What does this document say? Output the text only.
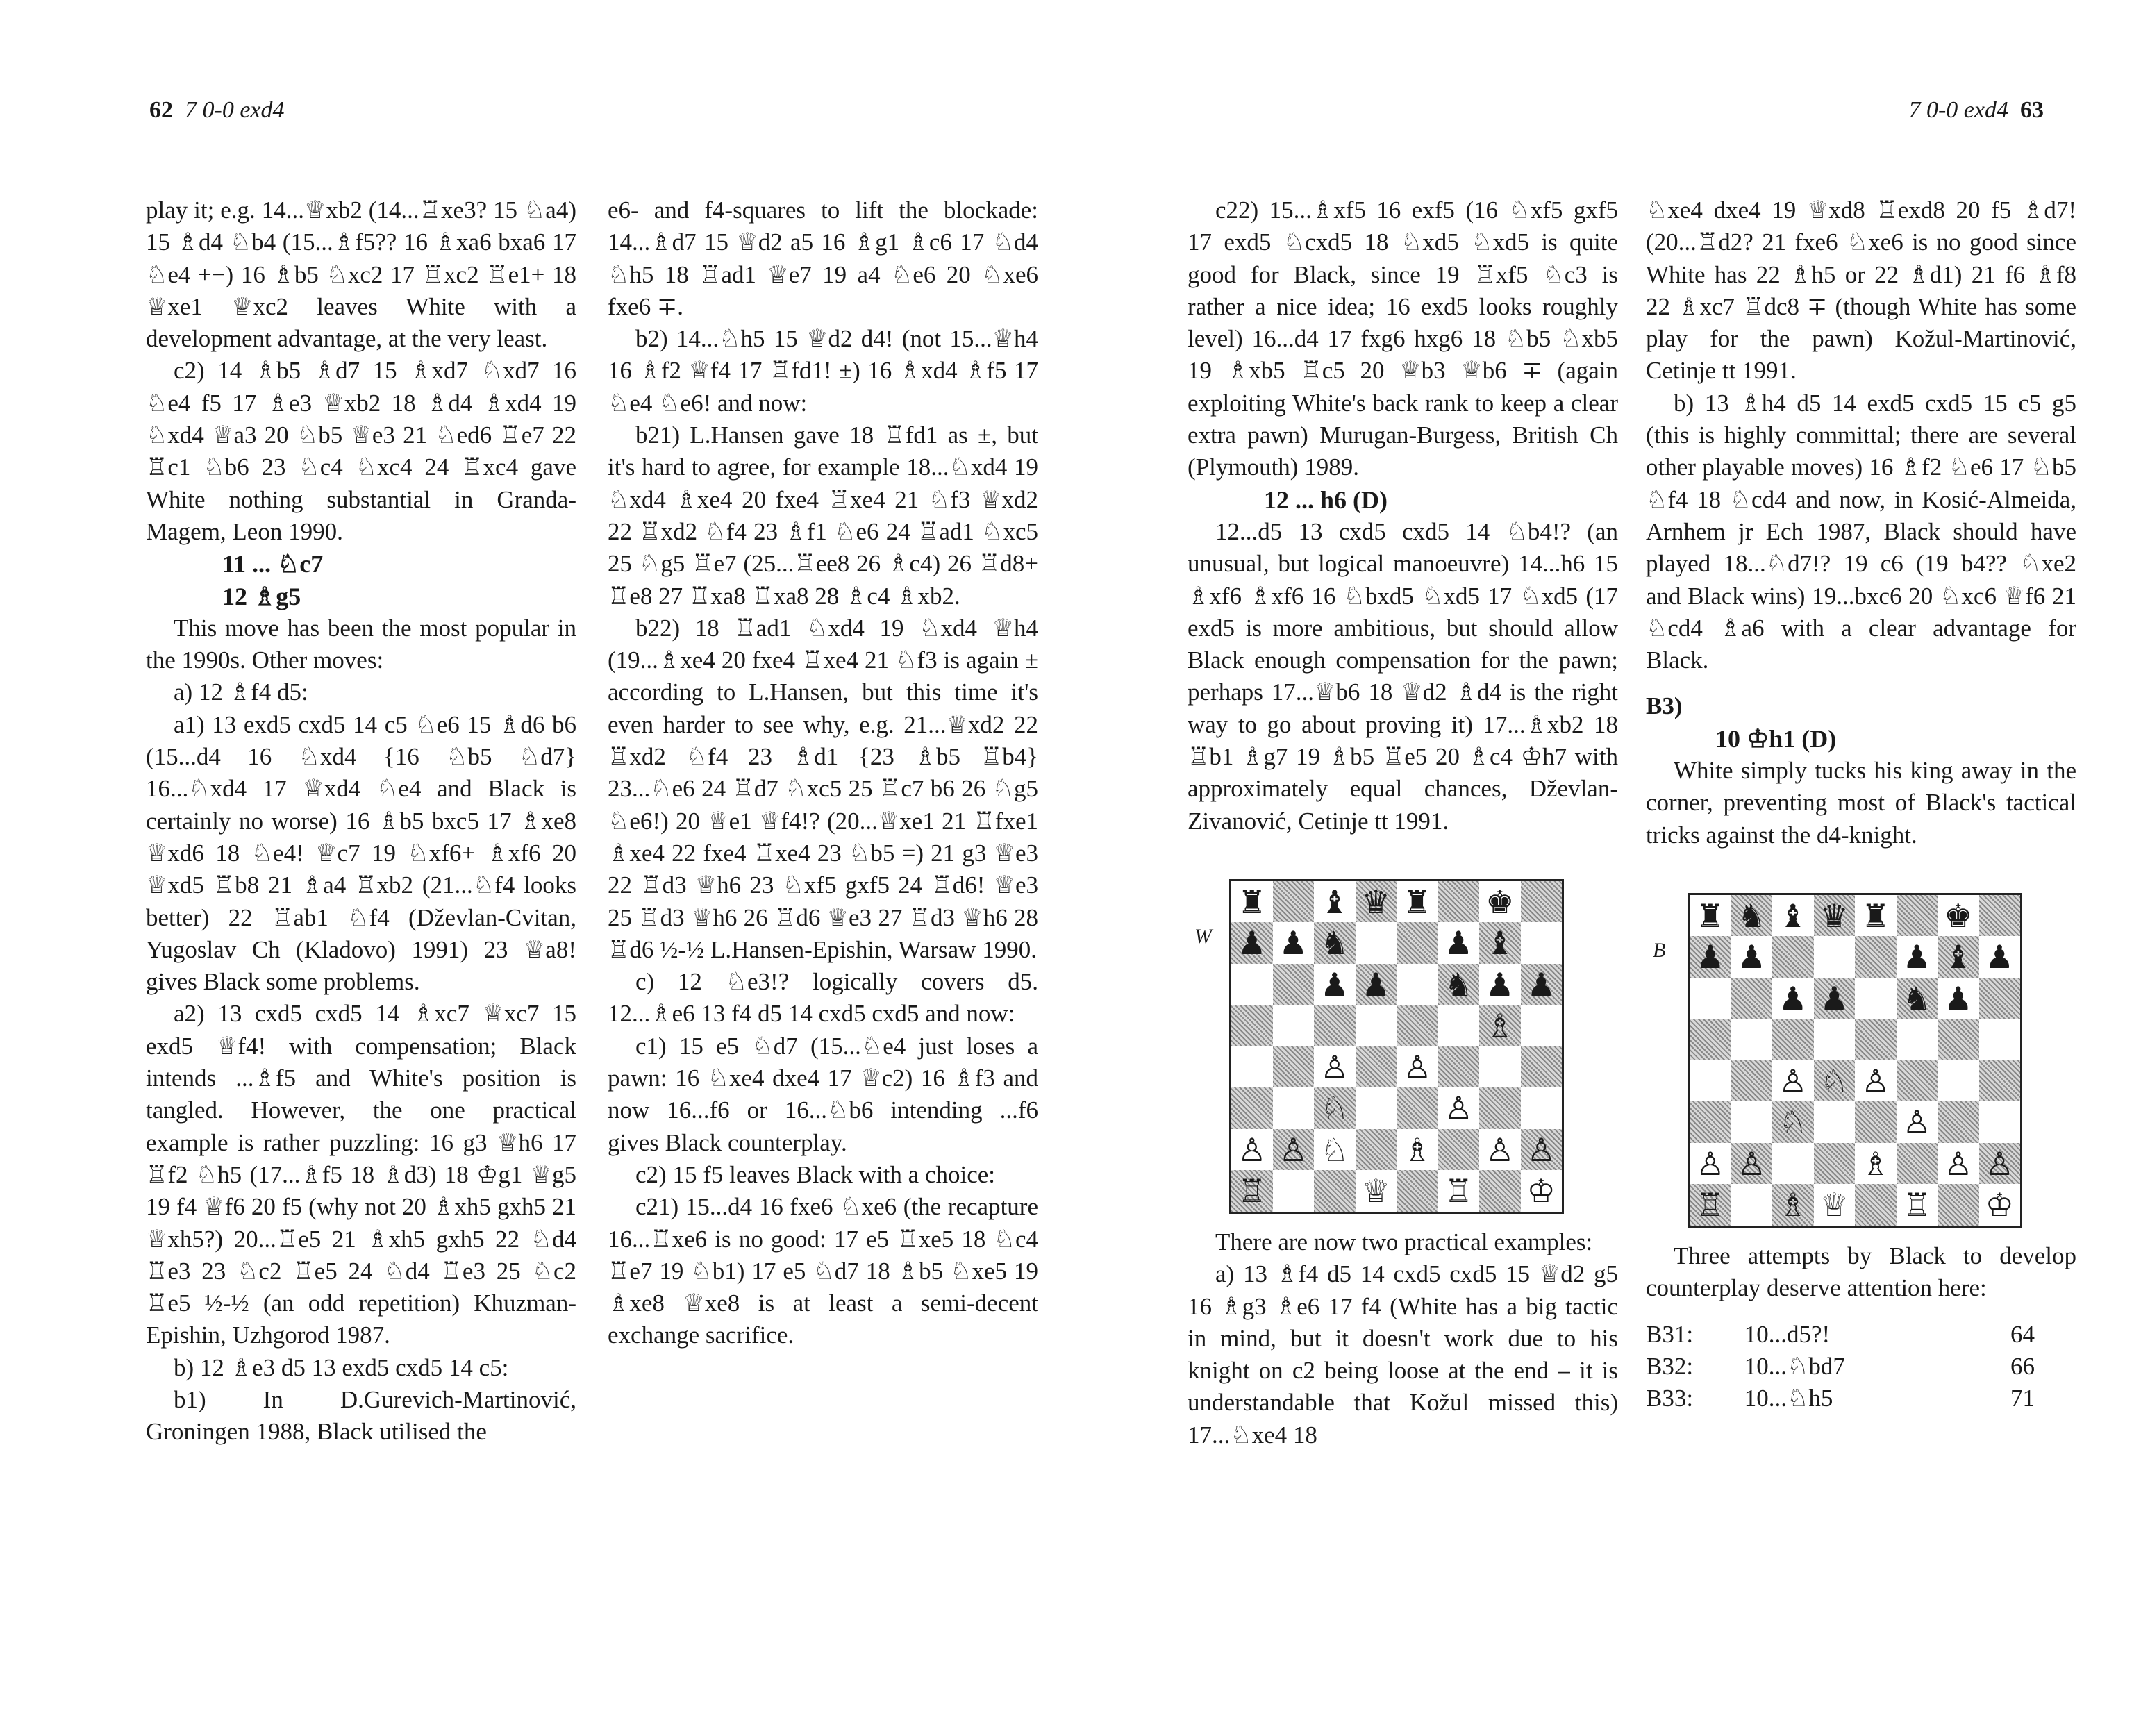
62 7 0-0 exd4	7 0-0 exd4 63

play it; e.g. 14...♕xb2 (14...♖xe3? 15 ♘a4) 15 ♗d4 ♘b4 (15...♗f5?? 16 ♗xa6 bxa6 17 ♘e4 +−) 16 ♗b5 ♘xc2 17 ♖xc2 ♖e1+ 18 ♕xe1 ♕xc2 leaves White with a development advantage, at the very least.

c2) 14 ♗b5 ♗d7 15 ♗xd7 ♘xd7 16 ♘e4 f5 17 ♗e3 ♕xb2 18 ♗d4 ♗xd4 19 ♘xd4 ♕a3 20 ♘b5 ♕e3 21 ♘ed6 ♖e7 22 ♖c1 ♘b6 23 ♘c4 ♘xc4 24 ♖xc4 gave White nothing substantial in Granda-Magem, Leon 1990.

11 ... ♘c7

12 ♗g5

This move has been the most popular in the 1990s. Other moves:

a) 12 ♗f4 d5:

a1) 13 exd5 cxd5 14 c5 ♘e6 15 ♗d6 b6 (15...d4 16 ♘xd4 {16 ♘b5 ♘d7} 16...♘xd4 17 ♕xd4 ♘e4 and Black is certainly no worse) 16 ♗b5 bxc5 17 ♗xe8 ♕xd6 18 ♘e4! ♕c7 19 ♘xf6+ ♗xf6 20 ♕xd5 ♖b8 21 ♗a4 ♖xb2 (21...♘f4 looks better) 22 ♖ab1 ♘f4 (Dževlan-Cvitan, Yugoslav Ch (Kladovo) 1991) 23 ♕a8! gives Black some problems.

a2) 13 cxd5 cxd5 14 ♗xc7 ♕xc7 15 exd5 ♕f4! with compensation; Black intends ...♗f5 and White's position is tangled. However, the one practical example is rather puzzling: 16 g3 ♕h6 17 ♖f2 ♘h5 (17...♗f5 18 ♗d3) 18 ♔g1 ♕g5 19 f4 ♕f6 20 f5 (why not 20 ♗xh5 gxh5 21 ♕xh5?) 20...♖e5 21 ♗xh5 gxh5 22 ♘d4 ♖e3 23 ♘c2 ♖e5 24 ♘d4 ♖e3 25 ♘c2 ♖e5 ½-½ (an odd repetition) Khuzman-Epishin, Uzhgorod 1987.

b) 12 ♗e3 d5 13 exd5 cxd5 14 c5:

b1) In D.Gurevich-Martinović, Groningen 1988, Black utilised the

e6- and f4-squares to lift the blockade: 14...♗d7 15 ♕d2 a5 16 ♗g1 ♗c6 17 ♘d4 ♘h5 18 ♖ad1 ♕e7 19 a4 ♘e6 20 ♘xe6 fxe6 ∓.

b2) 14...♘h5 15 ♕d2 d4! (not 15...♕h4 16 ♗f2 ♕f4 17 ♖fd1! ±) 16 ♗xd4 ♗f5 17 ♘e4 ♘e6! and now:

b21) L.Hansen gave 18 ♖fd1 as ±, but it's hard to agree, for example 18...♘xd4 19 ♘xd4 ♗xe4 20 fxe4 ♖xe4 21 ♘f3 ♕xd2 22 ♖xd2 ♘f4 23 ♗f1 ♘e6 24 ♖ad1 ♘xc5 25 ♘g5 ♖e7 (25...♖ee8 26 ♗c4) 26 ♖d8+ ♖e8 27 ♖xa8 ♖xa8 28 ♗c4 ♗xb2.

b22) 18 ♖ad1 ♘xd4 19 ♘xd4 ♕h4 (19...♗xe4 20 fxe4 ♖xe4 21 ♘f3 is again ± according to L.Hansen, but this time it's even harder to see why, e.g. 21...♕xd2 22 ♖xd2 ♘f4 23 ♗d1 {23 ♗b5 ♖b4} 23...♘e6 24 ♖d7 ♘xc5 25 ♖c7 b6 26 ♘g5 ♘e6!) 20 ♕e1 ♕f4!? (20...♕xe1 21 ♖fxe1 ♗xe4 22 fxe4 ♖xe4 23 ♘b5 =) 21 g3 ♕e3 22 ♖d3 ♕h6 23 ♘xf5 gxf5 24 ♖d6! ♕e3 25 ♖d3 ♕h6 26 ♖d6 ♕e3 27 ♖d3 ♕h6 28 ♖d6 ½-½ L.Hansen-Epishin, Warsaw 1990.

c) 12 ♘e3!? logically covers d5. 12...♗e6 13 f4 d5 14 cxd5 cxd5 and now:

c1) 15 e5 ♘d7 (15...♘e4 just loses a pawn: 16 ♘xe4 dxe4 17 ♕c2) 16 ♗f3 and now 16...f6 or 16...♘b6 intending ...f6 gives Black counterplay.

c2) 15 f5 leaves Black with a choice:

c21) 15...d4 16 fxe6 ♘xe6 (the recapture 16...♖xe6 is no good: 17 e5 ♖xe5 18 ♘c4 ♖e7 19 ♘b1) 17 e5 ♘d7 18 ♗b5 ♘xe5 19 ♗xe8 ♕xe8 is at least a semi-decent exchange sacrifice.

c22) 15...♗xf5 16 exf5 (16 ♘xf5 gxf5 17 exd5 ♘cxd5 18 ♘xd5 ♘xd5 is quite good for Black, since 19 ♖xf5 ♘c3 is rather a nice idea; 16 exd5 looks roughly level) 16...d4 17 fxg6 hxg6 18 ♘b5 ♘xb5 19 ♗xb5 ♖c5 20 ♕b3 ♕b6 ∓ (again exploiting White's back rank to keep a clear extra pawn) Murugan-Burgess, British Ch (Plymouth) 1989.

12 ... h6 (D)

12...d5 13 cxd5 cxd5 14 ♘b4!? (an unusual, but logical manoeuvre) 14...h6 15 ♗xf6 ♗xf6 16 ♘bxd5 ♘xd5 17 ♘xd5 (17 exd5 is more ambitious, but should allow Black enough compensation for the pawn; perhaps 17...♕b6 18 ♕d2 ♗d4 is the right way to go about proving it) 17...♗xb2 18 ♖b1 ♗g7 19 ♗b5 ♖e5 20 ♗c4 ♔h7 with approximately equal chances, Dževlan-Zivanović, Cetinje tt 1991.

W
♜ ♝ ♛ ♜ ♚
♟ ♟ ♞	♟ ♝
♟ ♟ ♞ ♟ ♟
♗
♙ ♙
♘	♙
♙ ♙ ♘ ♗ ♙ ♙
♖	♕ ♖ ♔

There are now two practical examples:

a) 13 ♗f4 d5 14 cxd5 cxd5 15 ♕d2 g5 16 ♗g3 ♗e6 17 f4 (White has a big tactic in mind, but it doesn't work due to his knight on c2 being loose at the end – it is understandable that Kožul missed this) 17...♘xe4 18

♘xe4 dxe4 19 ♕xd8 ♖exd8 20 f5 ♗d7! (20...♖d2? 21 fxe6 ♘xe6 is no good since White has 22 ♗h5 or 22 ♗d1) 21 f6 ♗f8 22 ♗xc7 ♖dc8 ∓ (though White has some play for the pawn) Kožul-Martinović, Cetinje tt 1991.

b) 13 ♗h4 d5 14 exd5 cxd5 15 c5 g5 (this is highly committal; there are several other playable moves) 16 ♗f2 ♘e6 17 ♘b5 ♘f4 18 ♘cd4 and now, in Kosić-Almeida, Arnhem jr Ech 1987, Black should have played 18...♘d7!? 19 c6 (19 b4?? ♘xe2 and Black wins) 19...bxc6 20 ♘xc6 ♕f6 21 ♘cd4 ♗a6 with a clear advantage for Black.

B3)

10 ♔h1 (D)

White simply tucks his king away in the corner, preventing most of Black's tactical tricks against the d4-knight.

B
♜ ♞ ♝ ♛ ♜ ♚
♟ ♟	♟ ♝ ♟
♟ ♟ ♞ ♟
♙ ♘ ♙
♘	♙
♙ ♙	♗ ♙ ♙
♖ ♗ ♕ ♖ ♔

Three attempts by Black to develop counterplay deserve attention here:

B31:	10...d5?!	64
B32:	10...♘bd7	66
B33:	10...♘h5	71
